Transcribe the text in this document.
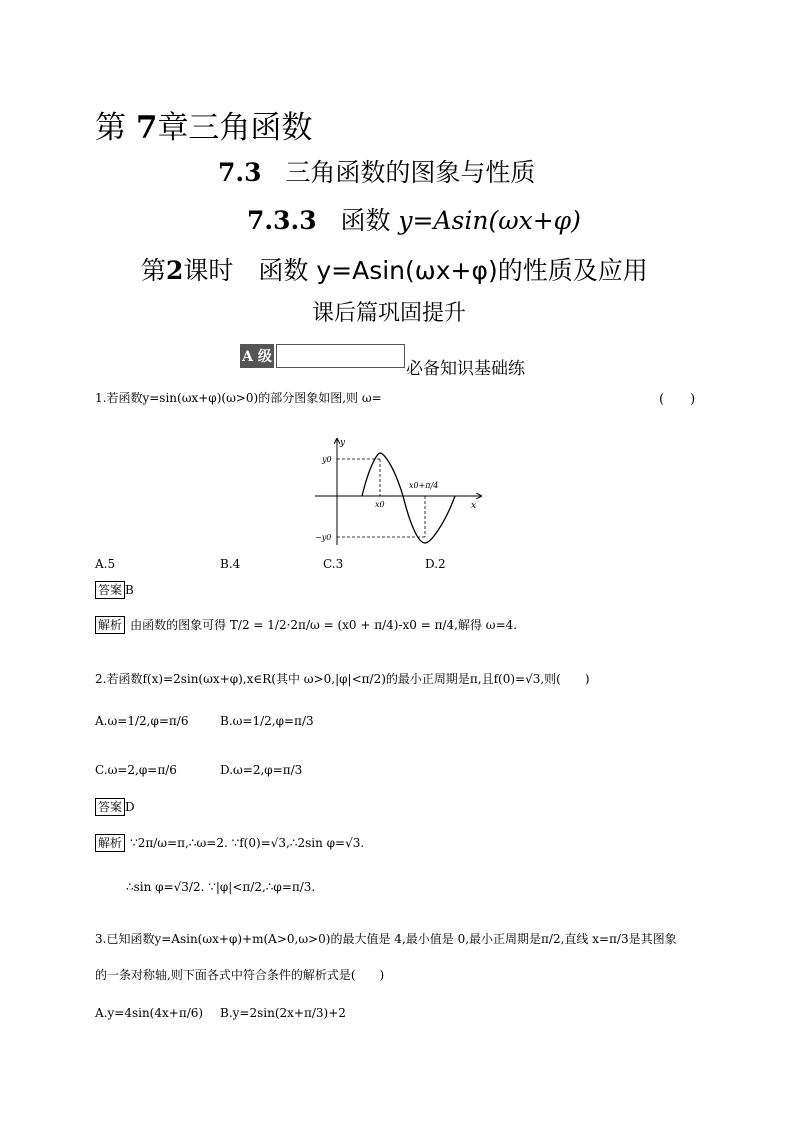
第 7章三角函数
7.3 三角函数的图象与性质
7.3.3 函数 y=Asin(ωx+φ)
第2课时　函数 y=Asin(ωx+φ)的性质及应用
课后篇巩固提升
A 级
必备知识基础练
1.若函数y=sin(ωx+φ)(ω>0)的部分图象如图,则 ω=	(　　)
y
x
y0
−y0
x0
x0+π/4
A.5	B.4	C.3	D.2
答案 B
解析 由函数的图象可得 T/2 = 1/2·2π/ω = (x0 + π/4)-x0 = π/4,解得 ω=4.
2.若函数f(x)=2sin(ωx+φ),x∈R(其中 ω>0,|φ|<π/2)的最小正周期是π,且f(0)=√3,则(　　)
A.ω=1/2,φ=π/6	B.ω=1/2,φ=π/3
C.ω=2,φ=π/6	D.ω=2,φ=π/3
答案 D
解析 ∵2π/ω=π,∴ω=2. ∵f(0)=√3,∴2sin φ=√3.
∴sin φ=√3/2. ∵|φ|<π/2,∴φ=π/3.
3.已知函数y=Asin(ωx+φ)+m(A>0,ω>0)的最大值是 4,最小值是 0,最小正周期是π/2,直线 x=π/3是其图象
的一条对称轴,则下面各式中符合条件的解析式是(　　)
A.y=4sin(4x+π/6) B.y=2sin(2x+π/3)+2
